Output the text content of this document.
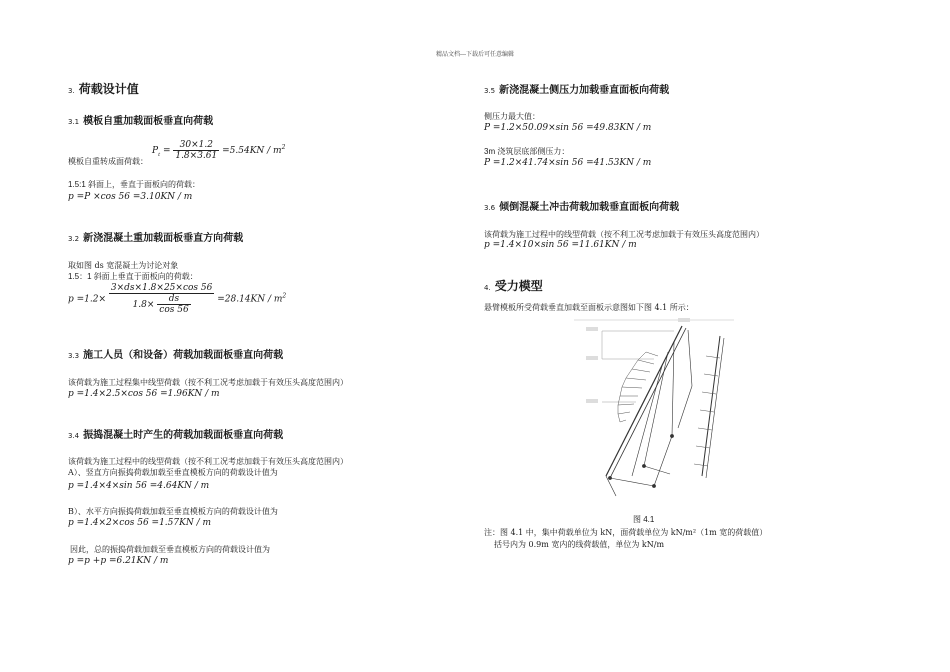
精品文档---下载后可任意编辑
3. 荷载设计值
3.1 模板自重加载面板垂直向荷载
模板自重转成面荷载：
$P_t = \frac{30\times 1.2}{1.8\times 3.61} =5.54KN / m^2$
1.5:1 斜面上，垂直于面板向的荷载：
p =P ×cos 56 =3.10KN / m
3.2 新浇混凝土重加载面板垂直方向荷载
取如图 ds 宽混凝土为讨论对象
1.5：1 斜面上垂直于面板向的荷载：
$p =1.2\times \frac{3\times ds\times 1.8\times 25\times\cos 56}{1.8\times \frac{ds}{\cos 56}} =28.14KN / m^2$
3.3 施工人员（和设备）荷载加载面板垂直向荷载
该荷载为施工过程集中线型荷载（按不利工况考虑加载于有效压头高度范围内）
p =1.4×2.5×cos 56 =1.96KN / m
3.4 振捣混凝土时产生的荷载加载面板垂直向荷载
该荷载为施工过程中的线型荷载（按不利工况考虑加载于有效压头高度范围内）
A）、竖直方向振捣荷载加载至垂直模板方向的荷载设计值为
p =1.4×4×sin 56 =4.64KN / m
B）、水平方向振捣荷载加载至垂直模板方向的荷载设计值为
p =1.4×2×cos 56 =1.57KN / m
因此，总的振捣荷载加载至垂直模板方向的荷载设计值为
p =p +p =6.21KN / m
3.5 新浇混凝土侧压力加载垂直面板向荷载
侧压力最大值：
P =1.2×50.09×sin 56 =49.83KN / m
3m 浇筑层底部侧压力：
P =1.2×41.74×sin 56 =41.53KN / m
3.6 倾倒混凝土冲击荷载加载垂直面板向荷载
该荷载为施工过程中的线型荷载（按不利工况考虑加载于有效压头高度范围内）
p =1.4×10×sin 56 =11.61KN / m
4. 受力模型
悬臂模板所受荷载垂直加载至面板示意图如下图 4.1 所示：
图 4.1
注：图 4.1 中，集中荷载单位为 kN，面荷载单位为 kN/m²（1m 宽的荷载值）
括号内为 0.9m 宽内的线荷载值，单位为 kN/m
